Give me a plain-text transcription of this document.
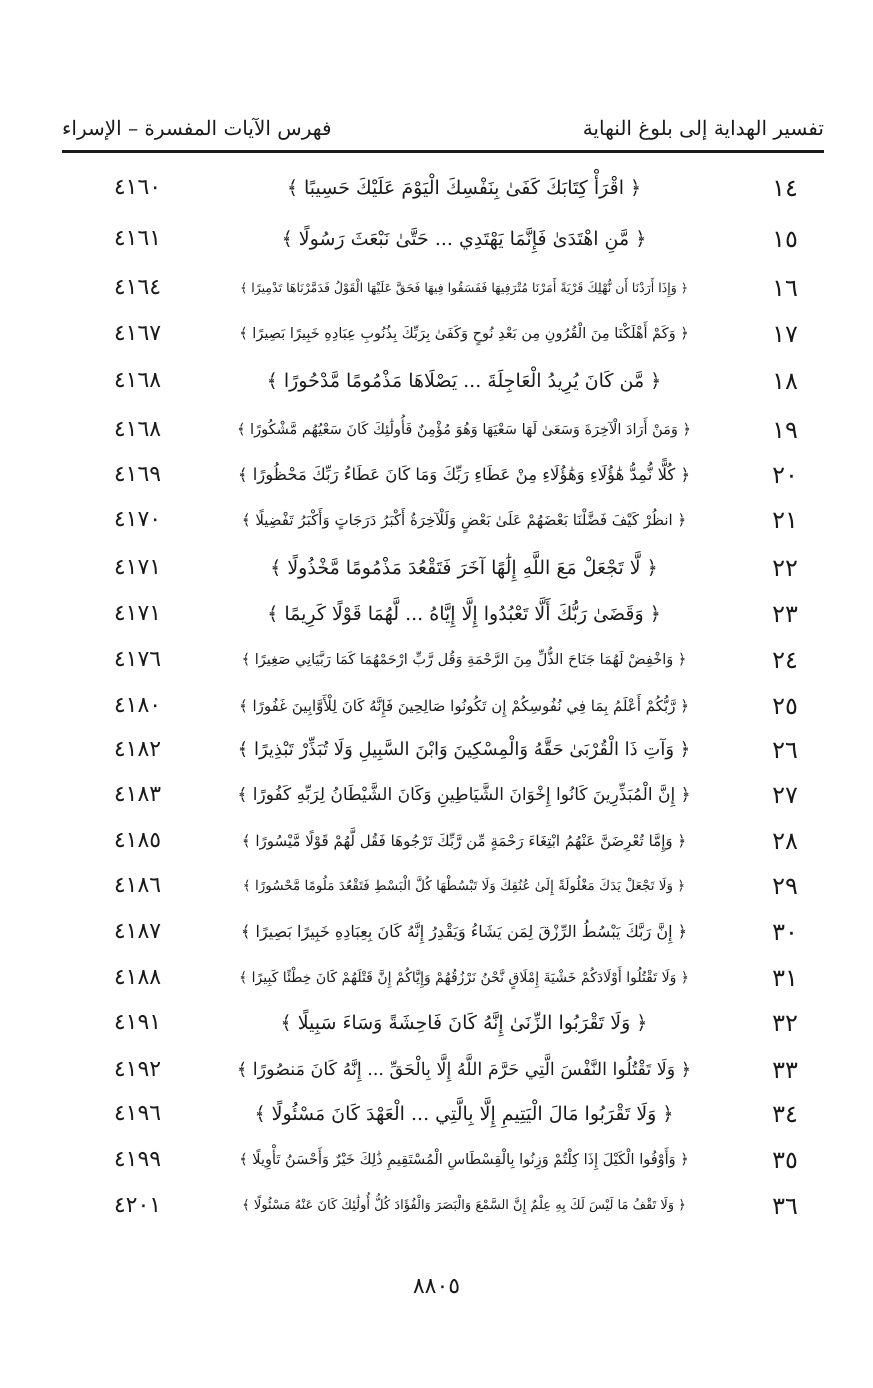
تفسير الهداية إلى بلوغ النهاية
فهرس الآيات المفسرة – الإسراء
١٤
﴿ اقْرَأْ كِتَابَكَ كَفَىٰ بِنَفْسِكَ الْيَوْمَ عَلَيْكَ حَسِيبًا ﴾
٤١٦٠
١٥
﴿ مَّنِ اهْتَدَىٰ فَإِنَّمَا يَهْتَدِي ... حَتَّىٰ نَبْعَثَ رَسُولًا ﴾
٤١٦١
١٦
﴿ وَإِذَا أَرَدْنَا أَن نُّهْلِكَ قَرْيَةً أَمَرْنَا مُتْرَفِيهَا فَفَسَقُوا فِيهَا فَحَقَّ عَلَيْهَا الْقَوْلُ فَدَمَّرْنَاهَا تَدْمِيرًا ﴾
٤١٦٤
١٧
﴿ وَكَمْ أَهْلَكْنَا مِنَ الْقُرُونِ مِن بَعْدِ نُوحٍ وَكَفَىٰ بِرَبِّكَ بِذُنُوبِ عِبَادِهِ خَبِيرًا بَصِيرًا ﴾
٤١٦٧
١٨
﴿ مَّن كَانَ يُرِيدُ الْعَاجِلَةَ ... يَصْلَاهَا مَذْمُومًا مَّدْحُورًا ﴾
٤١٦٨
١٩
﴿ وَمَنْ أَرَادَ الْآخِرَةَ وَسَعَىٰ لَهَا سَعْيَهَا وَهُوَ مُؤْمِنٌ فَأُولَٰئِكَ كَانَ سَعْيُهُم مَّشْكُورًا ﴾
٤١٦٨
٢٠
﴿ كُلًّا نُّمِدُّ هَٰؤُلَاءِ وَهَٰؤُلَاءِ مِنْ عَطَاءِ رَبِّكَ وَمَا كَانَ عَطَاءُ رَبِّكَ مَحْظُورًا ﴾
٤١٦٩
٢١
﴿ انظُرْ كَيْفَ فَضَّلْنَا بَعْضَهُمْ عَلَىٰ بَعْضٍ وَلَلْآخِرَةُ أَكْبَرُ دَرَجَاتٍ وَأَكْبَرُ تَفْضِيلًا ﴾
٤١٧٠
٢٢
﴿ لَّا تَجْعَلْ مَعَ اللَّهِ إِلَٰهًا آخَرَ فَتَقْعُدَ مَذْمُومًا مَّخْذُولًا ﴾
٤١٧١
٢٣
﴿ وَقَضَىٰ رَبُّكَ أَلَّا تَعْبُدُوا إِلَّا إِيَّاهُ ... لَّهُمَا قَوْلًا كَرِيمًا ﴾
٤١٧١
٢٤
﴿ وَاخْفِضْ لَهُمَا جَنَاحَ الذُّلِّ مِنَ الرَّحْمَةِ وَقُل رَّبِّ ارْحَمْهُمَا كَمَا رَبَّيَانِي صَغِيرًا ﴾
٤١٧٦
٢٥
﴿ رَّبُّكُمْ أَعْلَمُ بِمَا فِي نُفُوسِكُمْ إِن تَكُونُوا صَالِحِينَ فَإِنَّهُ كَانَ لِلْأَوَّابِينَ غَفُورًا ﴾
٤١٨٠
٢٦
﴿ وَآتِ ذَا الْقُرْبَىٰ حَقَّهُ وَالْمِسْكِينَ وَابْنَ السَّبِيلِ وَلَا تُبَذِّرْ تَبْذِيرًا ﴾
٤١٨٢
٢٧
﴿ إِنَّ الْمُبَذِّرِينَ كَانُوا إِخْوَانَ الشَّيَاطِينِ وَكَانَ الشَّيْطَانُ لِرَبِّهِ كَفُورًا ﴾
٤١٨٣
٢٨
﴿ وَإِمَّا تُعْرِضَنَّ عَنْهُمُ ابْتِغَاءَ رَحْمَةٍ مِّن رَّبِّكَ تَرْجُوهَا فَقُل لَّهُمْ قَوْلًا مَّيْسُورًا ﴾
٤١٨٥
٢٩
﴿ وَلَا تَجْعَلْ يَدَكَ مَغْلُولَةً إِلَىٰ عُنُقِكَ وَلَا تَبْسُطْهَا كُلَّ الْبَسْطِ فَتَقْعُدَ مَلُومًا مَّحْسُورًا ﴾
٤١٨٦
٣٠
﴿ إِنَّ رَبَّكَ يَبْسُطُ الرِّزْقَ لِمَن يَشَاءُ وَيَقْدِرُ إِنَّهُ كَانَ بِعِبَادِهِ خَبِيرًا بَصِيرًا ﴾
٤١٨٧
٣١
﴿ وَلَا تَقْتُلُوا أَوْلَادَكُمْ خَشْيَةَ إِمْلَاقٍ نَّحْنُ نَرْزُقُهُمْ وَإِيَّاكُمْ إِنَّ قَتْلَهُمْ كَانَ خِطْئًا كَبِيرًا ﴾
٤١٨٨
٣٢
﴿ وَلَا تَقْرَبُوا الزِّنَىٰ إِنَّهُ كَانَ فَاحِشَةً وَسَاءَ سَبِيلًا ﴾
٤١٩١
٣٣
﴿ وَلَا تَقْتُلُوا النَّفْسَ الَّتِي حَرَّمَ اللَّهُ إِلَّا بِالْحَقِّ ... إِنَّهُ كَانَ مَنصُورًا ﴾
٤١٩٢
٣٤
﴿ وَلَا تَقْرَبُوا مَالَ الْيَتِيمِ إِلَّا بِالَّتِي ... الْعَهْدَ كَانَ مَسْئُولًا ﴾
٤١٩٦
٣٥
﴿ وَأَوْفُوا الْكَيْلَ إِذَا كِلْتُمْ وَزِنُوا بِالْقِسْطَاسِ الْمُسْتَقِيمِ ذَٰلِكَ خَيْرٌ وَأَحْسَنُ تَأْوِيلًا ﴾
٤١٩٩
٣٦
﴿ وَلَا تَقْفُ مَا لَيْسَ لَكَ بِهِ عِلْمٌ إِنَّ السَّمْعَ وَالْبَصَرَ وَالْفُؤَادَ كُلُّ أُولَٰئِكَ كَانَ عَنْهُ مَسْئُولًا ﴾
٤٢٠١
٨٨٠٥
